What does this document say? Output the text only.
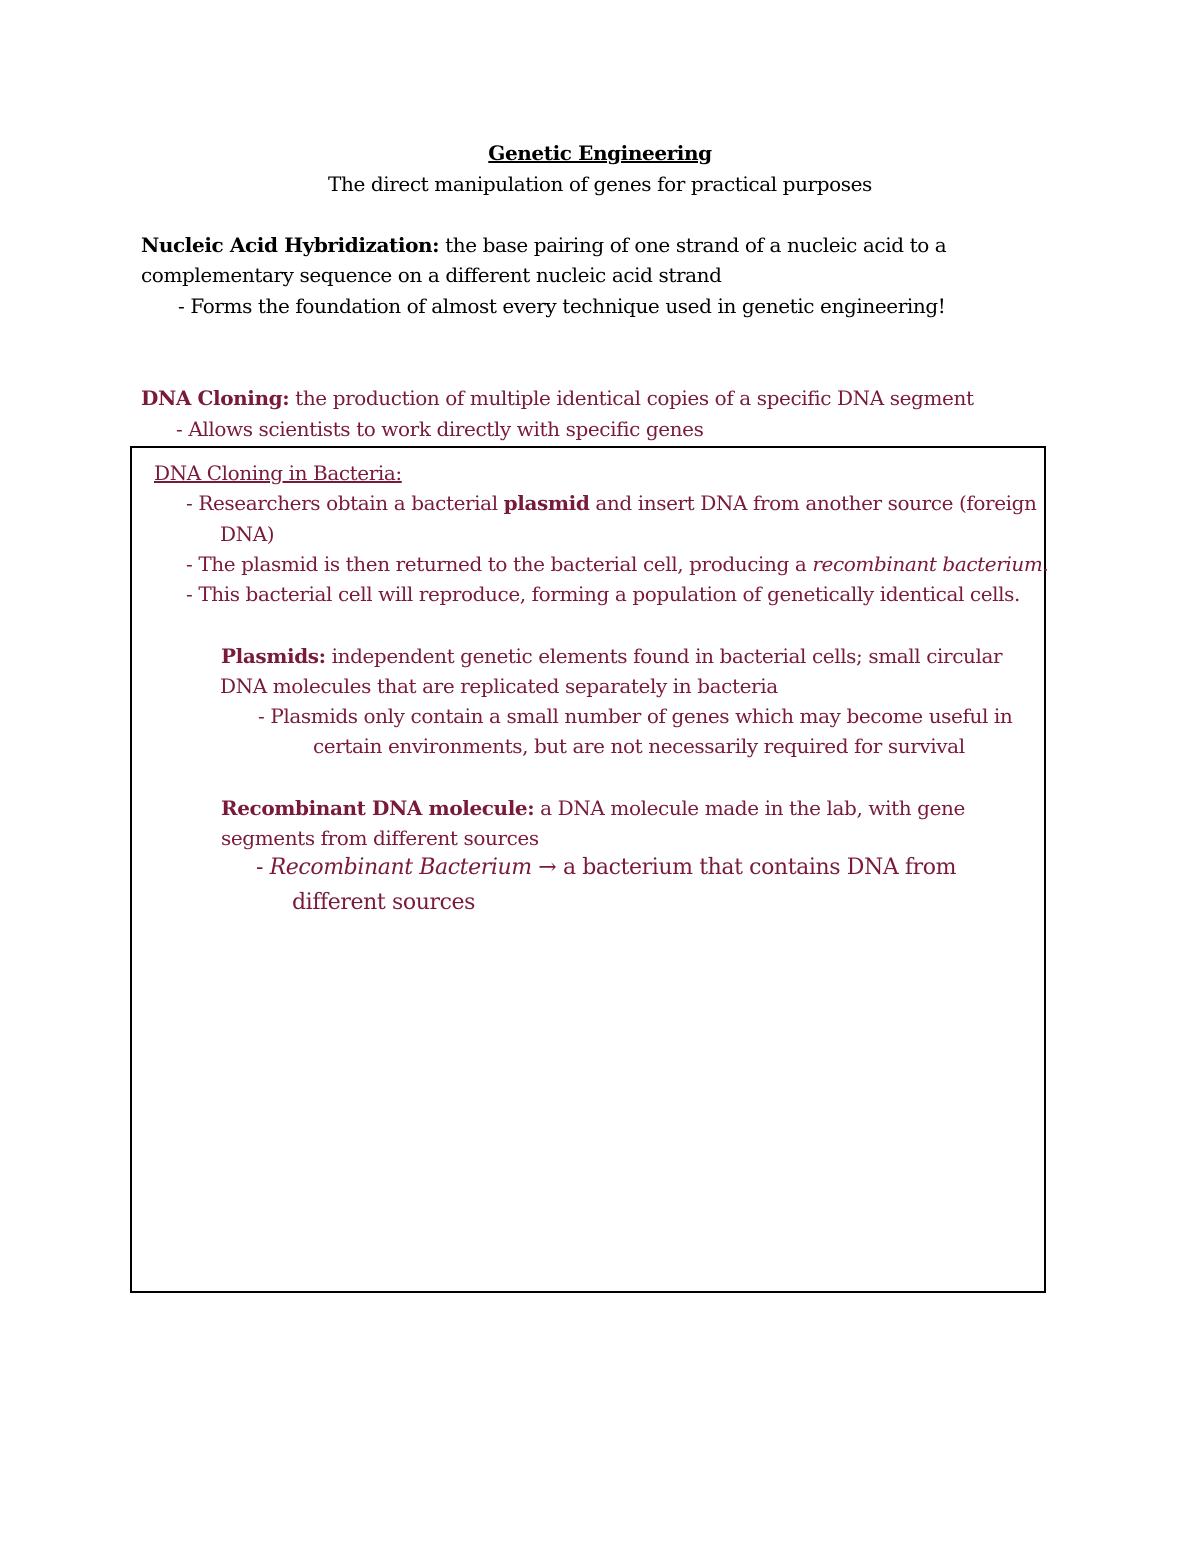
Genetic Engineering
The direct manipulation of genes for practical purposes
Nucleic Acid Hybridization: the base pairing of one strand of a nucleic acid to a
complementary sequence on a different nucleic acid strand
- Forms the foundation of almost every technique used in genetic engineering!
DNA Cloning: the production of multiple identical copies of a specific DNA segment
- Allows scientists to work directly with specific genes
DNA Cloning in Bacteria:
- Researchers obtain a bacterial plasmid and insert DNA from another source (foreign
DNA)
- The plasmid is then returned to the bacterial cell, producing a recombinant bacterium.
- This bacterial cell will reproduce, forming a population of genetically identical cells.
Plasmids: independent genetic elements found in bacterial cells; small circular
DNA molecules that are replicated separately in bacteria
- Plasmids only contain a small number of genes which may become useful in
certain environments, but are not necessarily required for survival
Recombinant DNA molecule: a DNA molecule made in the lab, with gene
segments from different sources
- Recombinant Bacterium → a bacterium that contains DNA from
different sources
